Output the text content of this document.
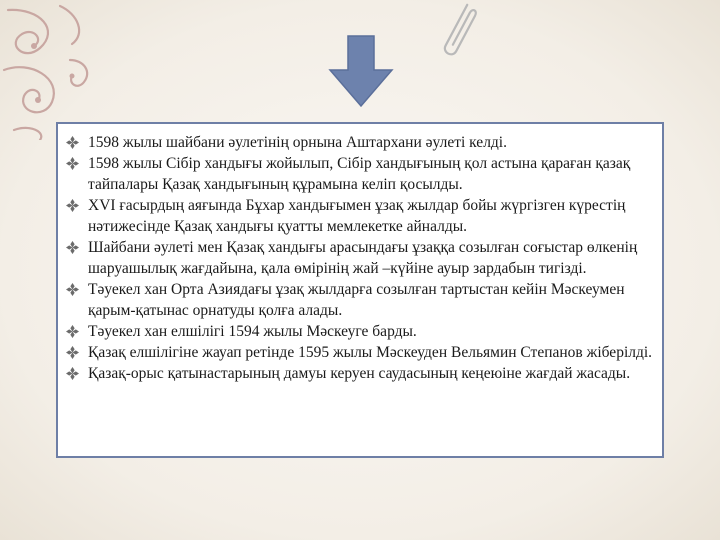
1598 жылы шайбани әулетінің орнына Аштархани әулеті келді.
1598 жылы Сібір хандығы жойылып, Сібір хандығының қол астына қараған қазақ тайпалары Қазақ хандығының құрамына келіп қосылды.
XVI ғасырдың аяғында Бұхар хандығымен ұзақ жылдар бойы жүргізген күрестің нәтижесінде Қазақ хандығы қуатты мемлекетке айналды.
Шайбани әулеті мен Қазақ хандығы арасындағы ұзаққа созылған соғыстар өлкенің шаруашылық жағдайына, қала өмірінің жай –күйіне ауыр зардабын тигізді.
Тәуекел хан Орта Азиядағы ұзақ жылдарға созылған тартыстан кейін Мәскеумен қарым-қатынас орнатуды қолға алады.
Тәуекел хан елшілігі 1594 жылы Мәскеуге барды.
Қазақ елшілігіне жауап ретінде 1595 жылы Мәскеуден Вельямин Степанов жіберілді.
Қазақ-орыс қатынастарының дамуы керуен саудасының кеңеюіне жағдай жасады.
